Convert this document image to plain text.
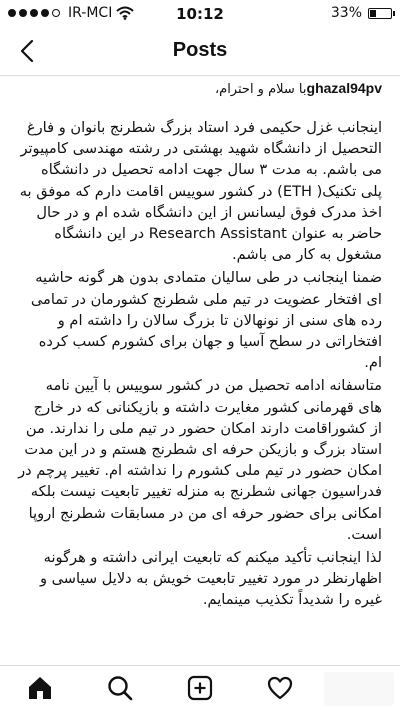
IR-MCI	10:12	33%
Posts
با سلام و احترام، ghazal94pv

اینجانب غزل حکیمی فرد استاد بزرگ شطرنج بانوان و فارغ التحصیل از دانشگاه شهید بهشتی در رشته مهندسی کامپیوتر می باشم. به مدت ۳ سال جهت ادامه تحصیل در دانشگاه پلی تکنیک( ETH) در کشور سوییس اقامت دارم که موفق به اخذ مدرک فوق لیسانس از این دانشگاه شده ام و در حال حاضر به عنوان Research Assistant در این دانشگاه مشغول به کار می باشم.

ضمنا اینجانب در طی سالیان متمادی بدون هر گونه حاشیه ای افتخار عضویت در تیم ملی شطرنج کشورمان در تمامی رده های سنی از نونهالان تا بزرگ سالان را داشته ام و افتخاراتی در سطح آسیا و جهان برای کشورم کسب کرده ام.

متاسفانه ادامه تحصیل من در کشور سوییس با آیین نامه های قهرمانی کشور مغایرت داشته و بازیکنانی که در خارج از کشوراقامت دارند امکان حضور در تیم ملی را ندارند. من استاد بزرگ و بازیکن حرفه ای شطرنج هستم و در این مدت امکان حضور در تیم ملی کشورم را نداشته ام. تغییر پرچم در فدراسیون جهانی شطرنج به منزله تغییر تابعیت نیست بلکه امکانی برای حضور حرفه ای من در مسابقات شطرنج اروپا است.

لذا اینجانب تأکید میکنم که تابعیت ایرانی داشته و هرگونه اظهارنظر در مورد تغییر تابعیت خویش به دلایل سیاسی و غیره را شدیداً تکذیب مینمایم.
